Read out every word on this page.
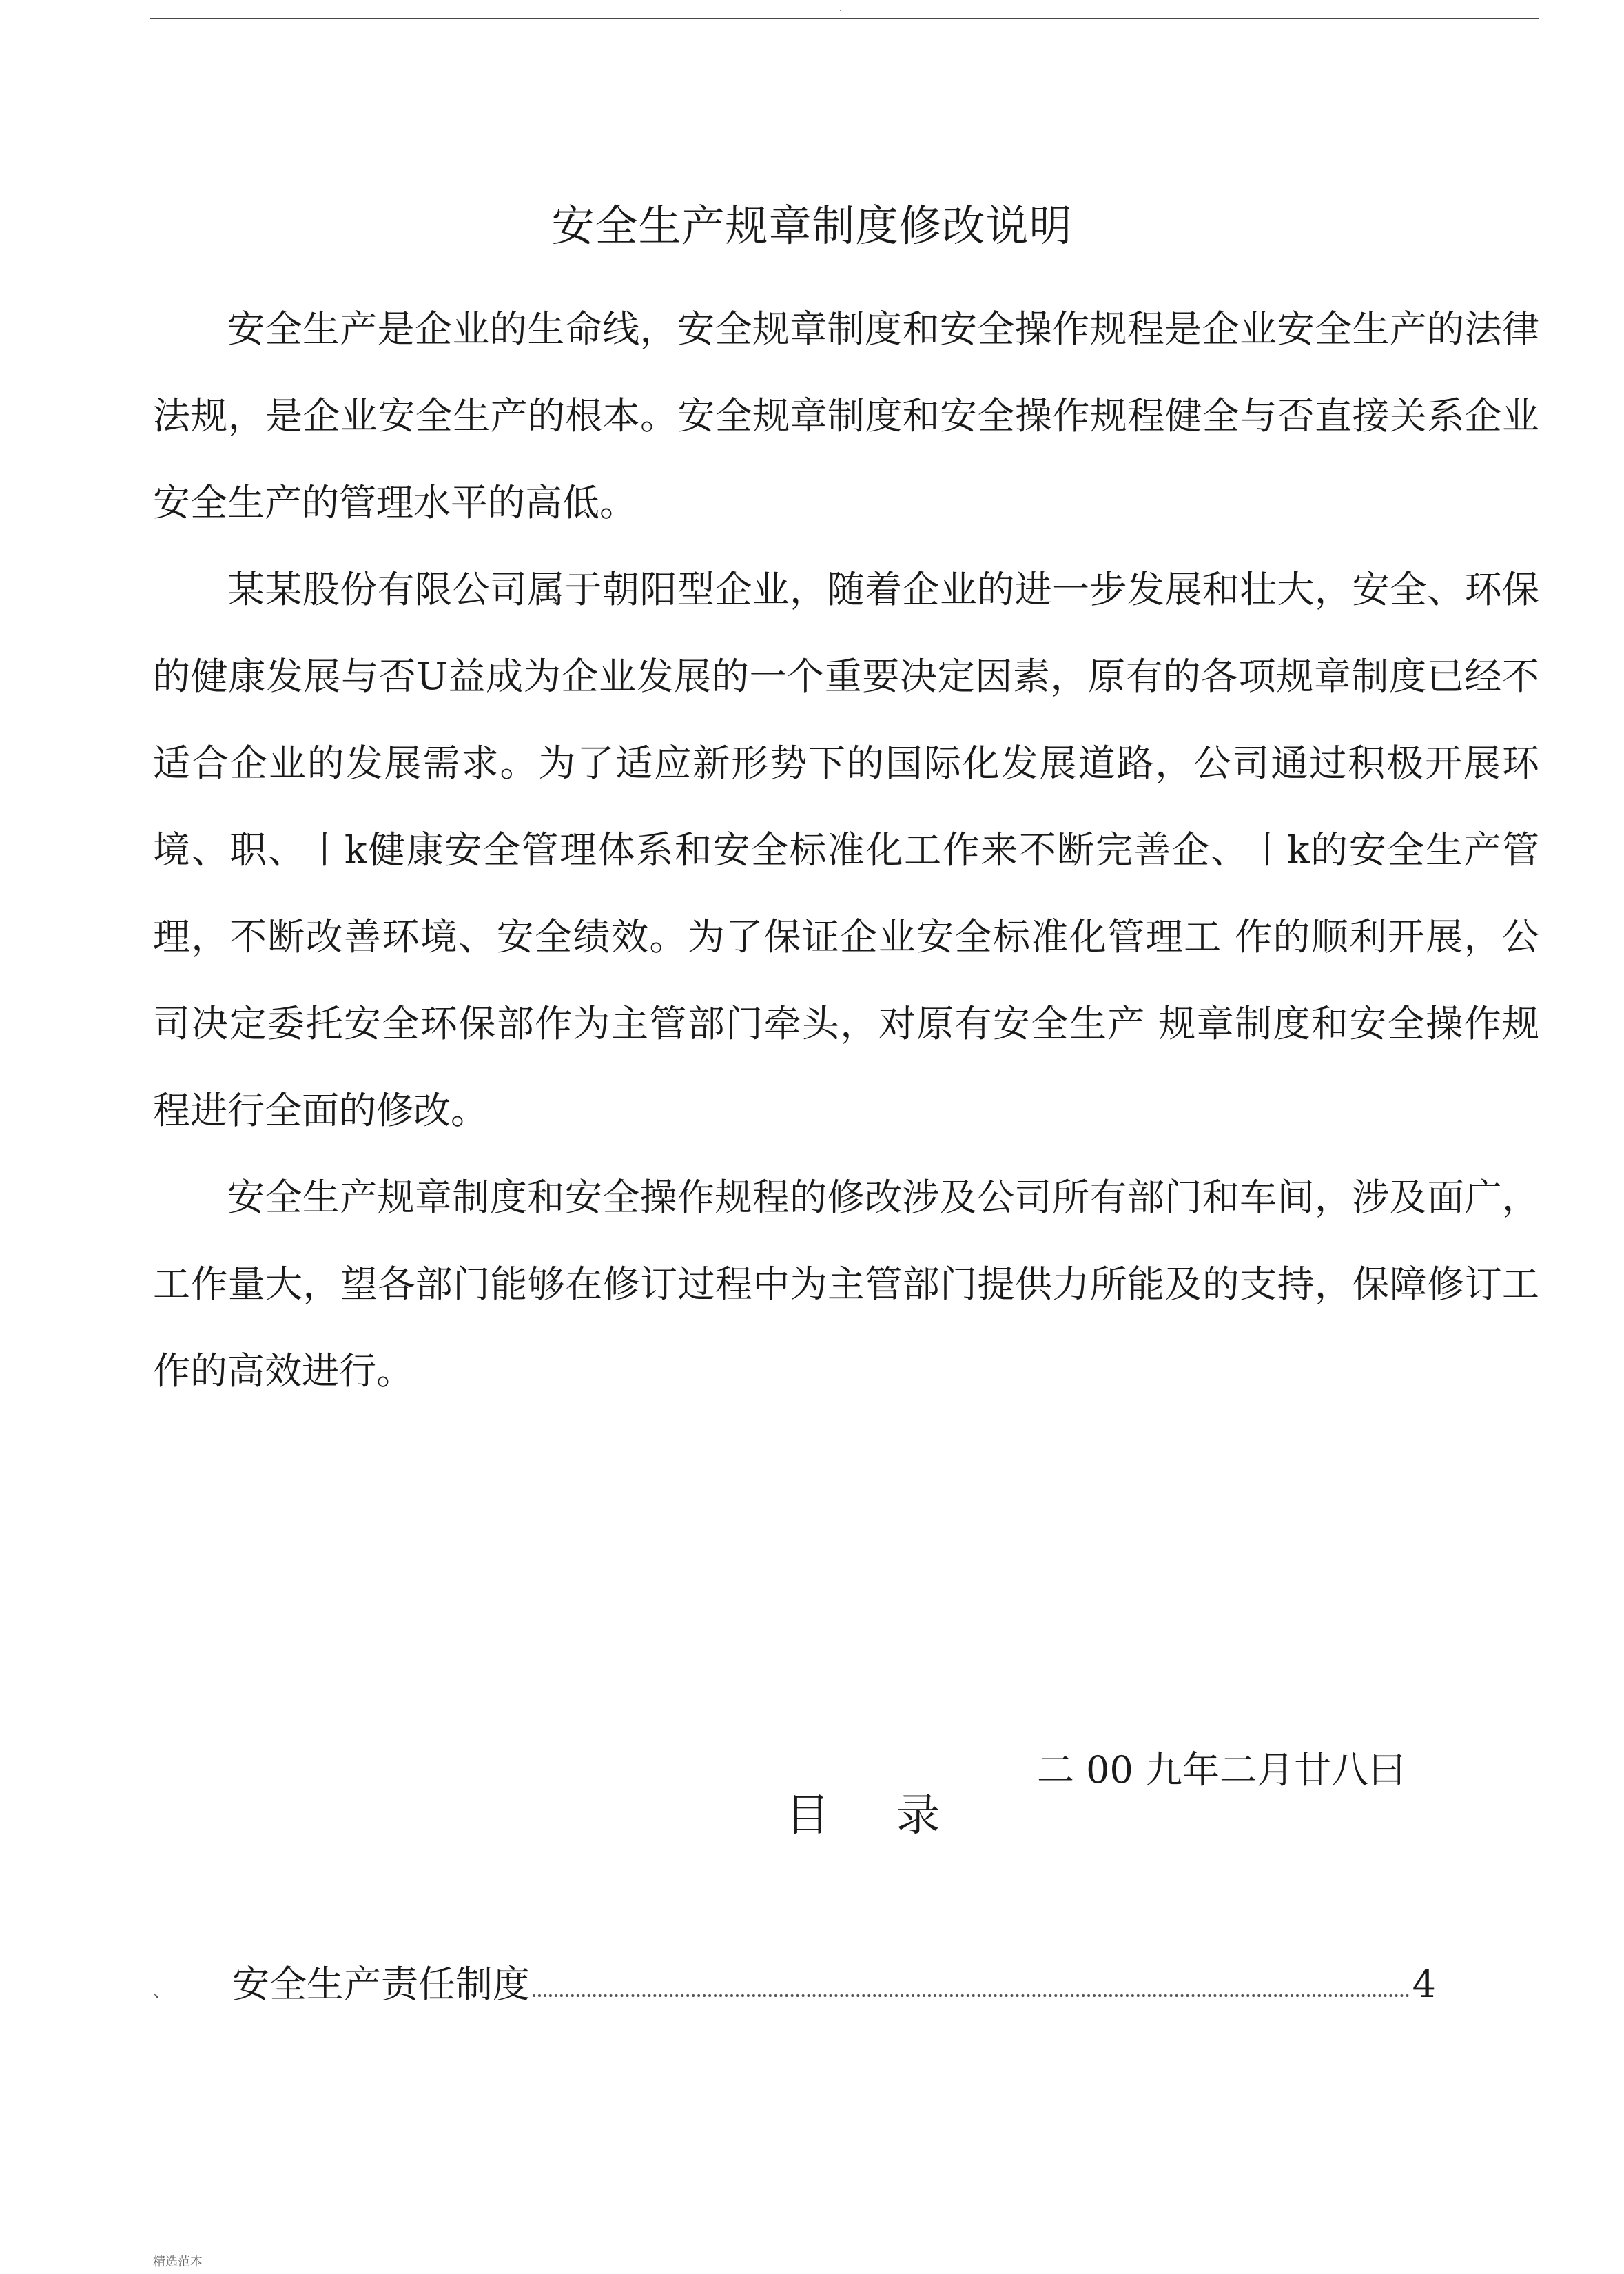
.
安全生产规章制度修改说明

安全生产是企业的生命线，安全规章制度和安全操作规程是企业安全生产的法律法规，是企业安全生产的根本。安全规章制度和安全操作规程健全与否直接关系企业安全生产的管理水平的高低。

某某股份有限公司属于朝阳型企业，随着企业的进一步发展和壮大，安全、环保的健康发展与否U益成为企业发展的一个重要决定因素，原有的各项规章制度已经不适合企业的发展需求。为了适应新形势下的国际化发展道路，公司通过积极开展环境、职、丨k健康安全管理体系和安全标准化工作来不断完善企、丨k的安全生产管理，不断改善环境、安全绩效。为了保证企业安全标准化管理工 作的顺利开展，公司决定委托安全环保部作为主管部门牵头，对原有安全生产 规章制度和安全操作规程进行全面的修改。

安全生产规章制度和安全操作规程的修改涉及公司所有部门和车间，涉及面广，工作量大，望各部门能够在修订过程中为主管部门提供力所能及的支持，保障修订工作的高效进行。

二 00 九年二月廿八曰
目 录
、	安全生产责任制度	4
精选范本
